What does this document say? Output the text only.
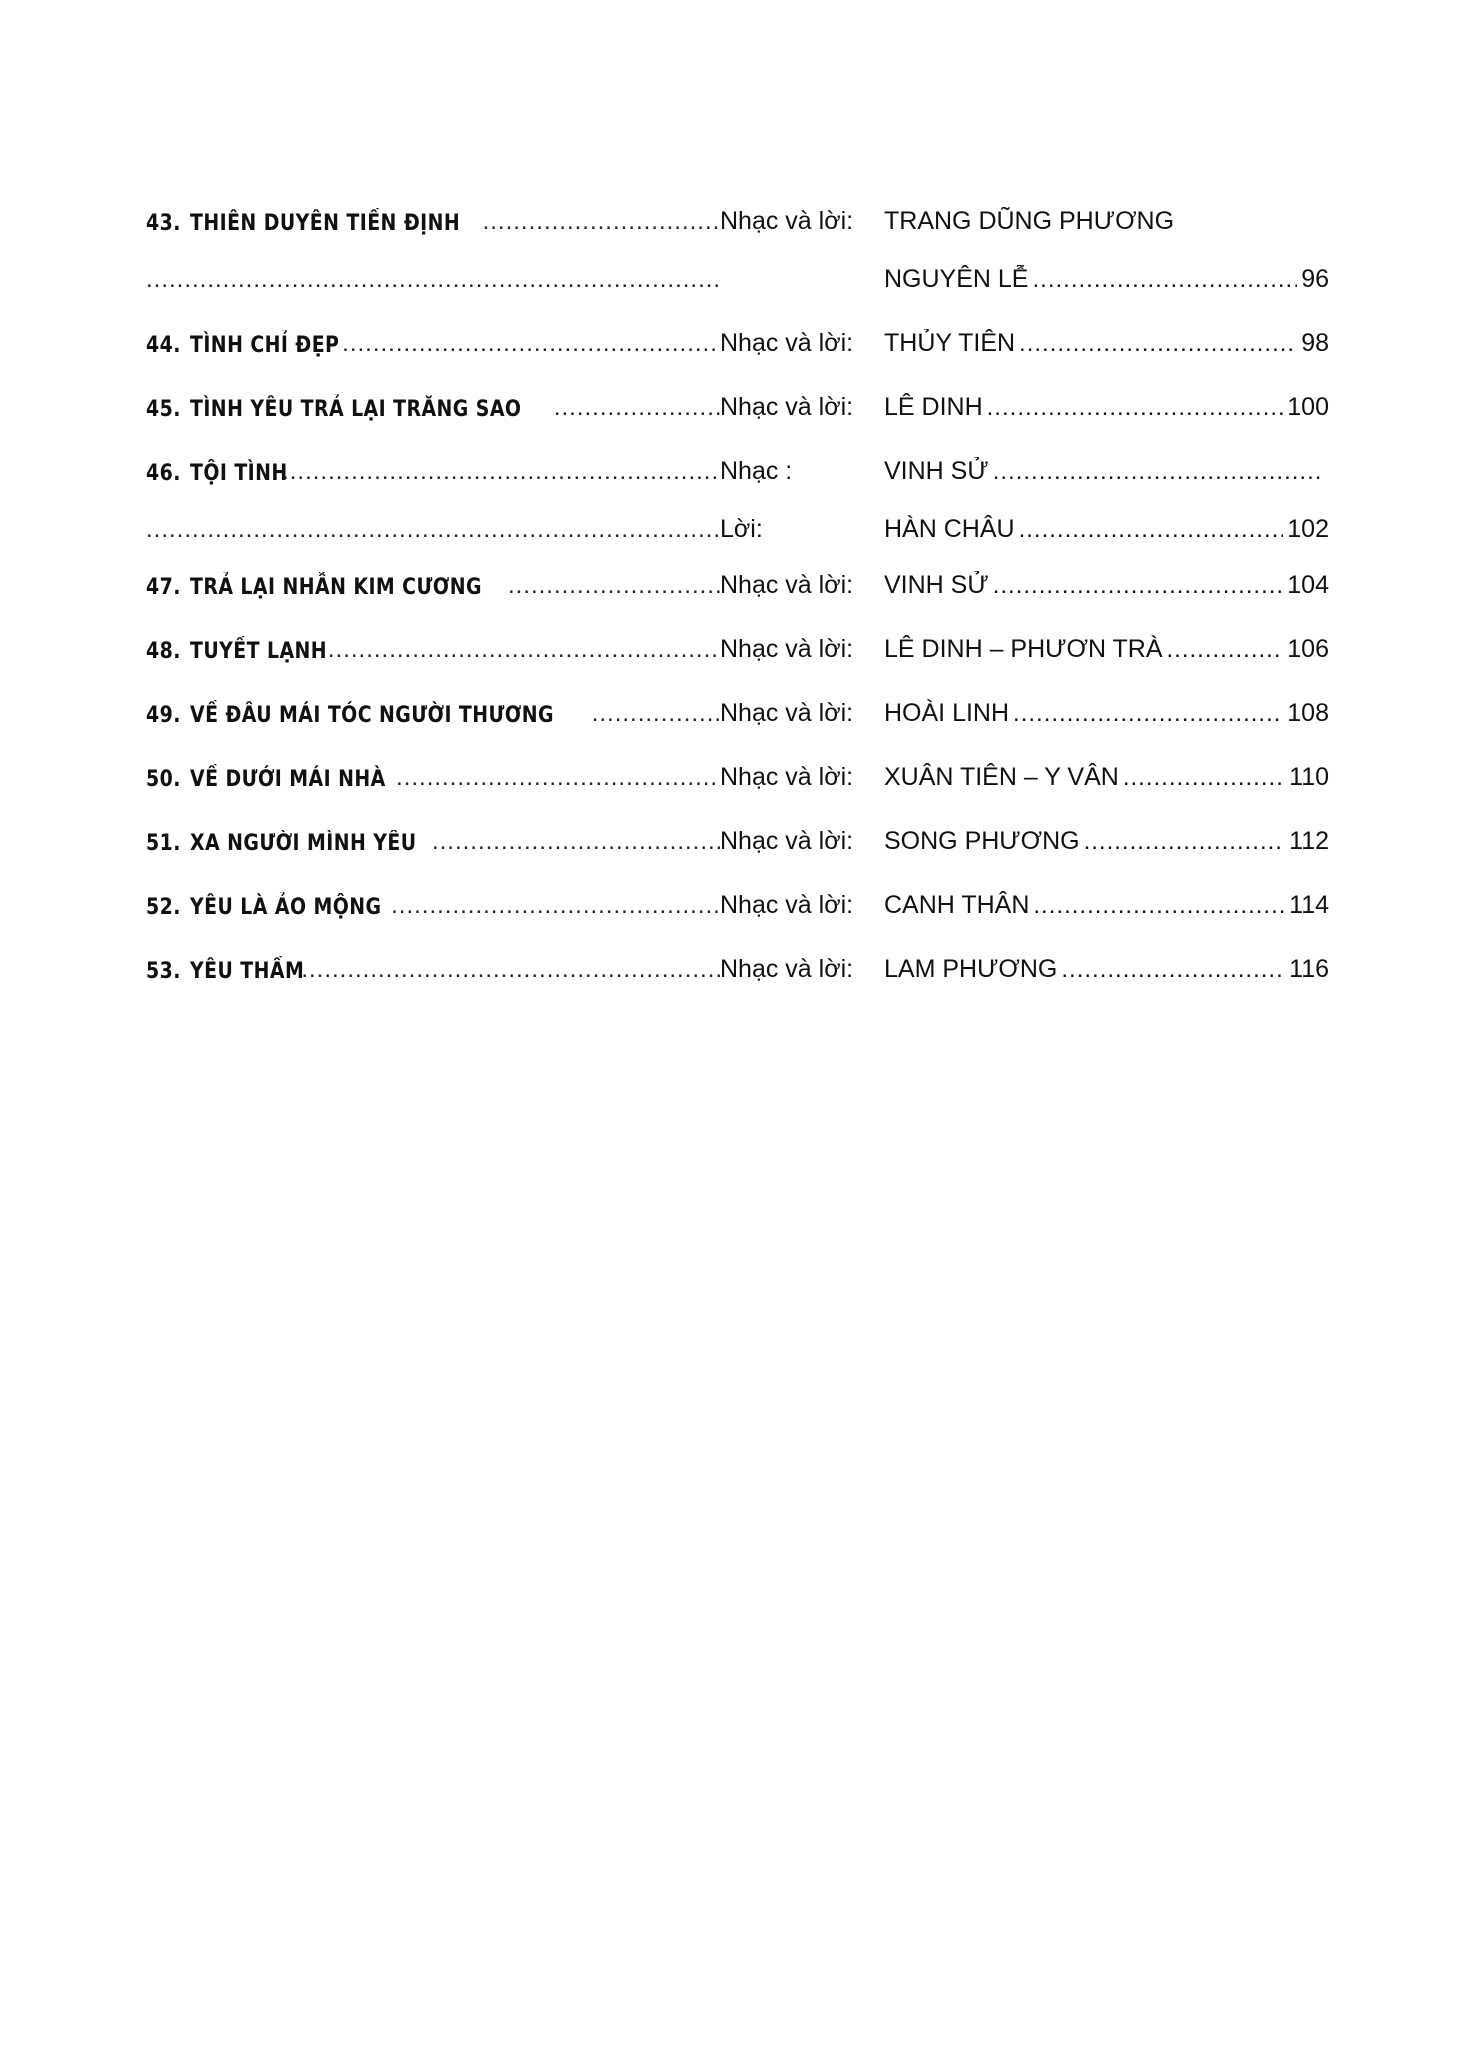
43. THIÊN DUYÊN TIỀN ĐỊNH .....	Nhạc và lời:	TRANG DŨNG PHƯƠNG
.....
NGUYÊN LỄ .....	96
44. TÌNH CHỈ ĐẸP .....	Nhạc và lời:	THỦY TIÊN .....	98
45. TÌNH YÊU TRẢ LẠI TRĂNG SAO .....	Nhạc và lời:	LÊ DINH .....	100
46. TỘI TÌNH .....	Nhạc :	VINH SỬ
.....
.....
Lời:	HÀN CHÂU .....	102
47. TRẢ LẠI NHẪN KIM CƯƠNG .....	Nhạc và lời:	VINH SỬ .....	104
48. TUYẾT LẠNH .....	Nhạc và lời:	LÊ DINH – PHƯƠN TRÀ .....	106
49. VỀ ĐÂU MÁI TÓC NGƯỜI THƯƠNG .....	Nhạc và lời:	HOÀI LINH .....	108
50. VỀ DƯỚI MÁI NHÀ .....	Nhạc và lời:	XUÂN TIÊN – Y VÂN .....	110
51. XA NGƯỜI MÌNH YÊU .....	Nhạc và lời:	SONG PHƯƠNG .....	112
52. YÊU LÀ ẢO MỘNG .....	Nhạc và lời:	CANH THÂN .....	114
53. YÊU THẦM .....	Nhạc và lời:	LAM PHƯƠNG .....	116
